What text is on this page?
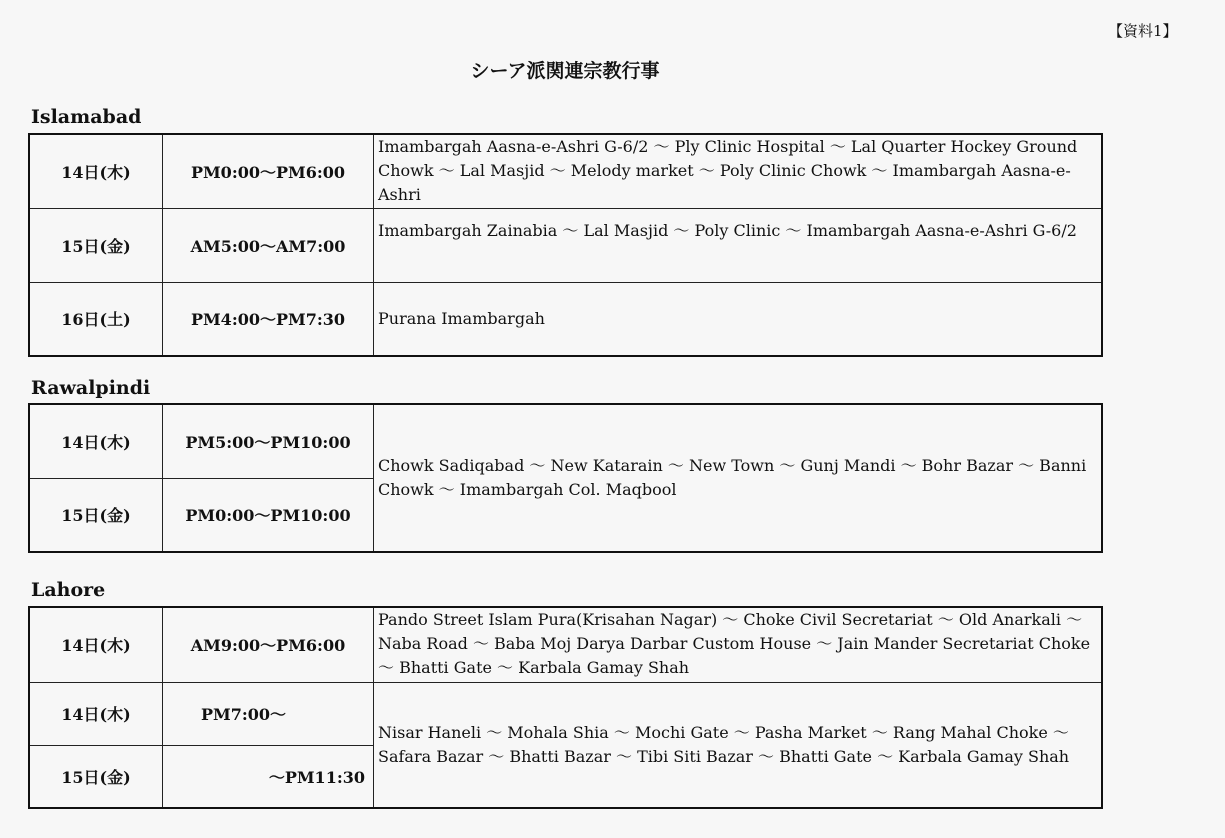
【資料1】
シーア派関連宗教行事
Islamabad
14日(木)	PM0:00〜PM6:00	Imambargah Aasna-e-Ashri G-6/2 〜 Ply Clinic Hospital 〜 Lal Quarter Hockey Ground Chowk 〜 Lal Masjid 〜 Melody market 〜 Poly Clinic Chowk 〜 Imambargah Aasna-e-Ashri
15日(金)	AM5:00〜AM7:00	Imambargah Zainabia 〜 Lal Masjid 〜 Poly Clinic 〜 Imambargah Aasna-e-Ashri G-6/2
16日(土)	PM4:00〜PM7:30	Purana Imambargah
Rawalpindi
14日(木)	PM5:00〜PM10:00	Chowk Sadiqabad 〜 New Katarain 〜 New Town 〜 Gunj Mandi 〜 Bohr Bazar 〜 Banni Chowk 〜 Imambargah Col. Maqbool
15日(金)	PM0:00〜PM10:00	
Lahore
14日(木)	AM9:00〜PM6:00	Pando Street Islam Pura(Krisahan Nagar) 〜 Choke Civil Secretariat 〜 Old Anarkali 〜 Naba Road 〜 Baba Moj Darya Darbar Custom House 〜 Jain Mander Secretariat Choke 〜 Bhatti Gate 〜 Karbala Gamay Shah
14日(木)	PM7:00〜	Nisar Haneli 〜 Mohala Shia 〜 Mochi Gate 〜 Pasha Market 〜 Rang Mahal Choke 〜 Safara Bazar 〜 Bhatti Bazar 〜 Tibi Siti Bazar 〜 Bhatti Gate 〜 Karbala Gamay Shah
15日(金)	〜PM11:30	
